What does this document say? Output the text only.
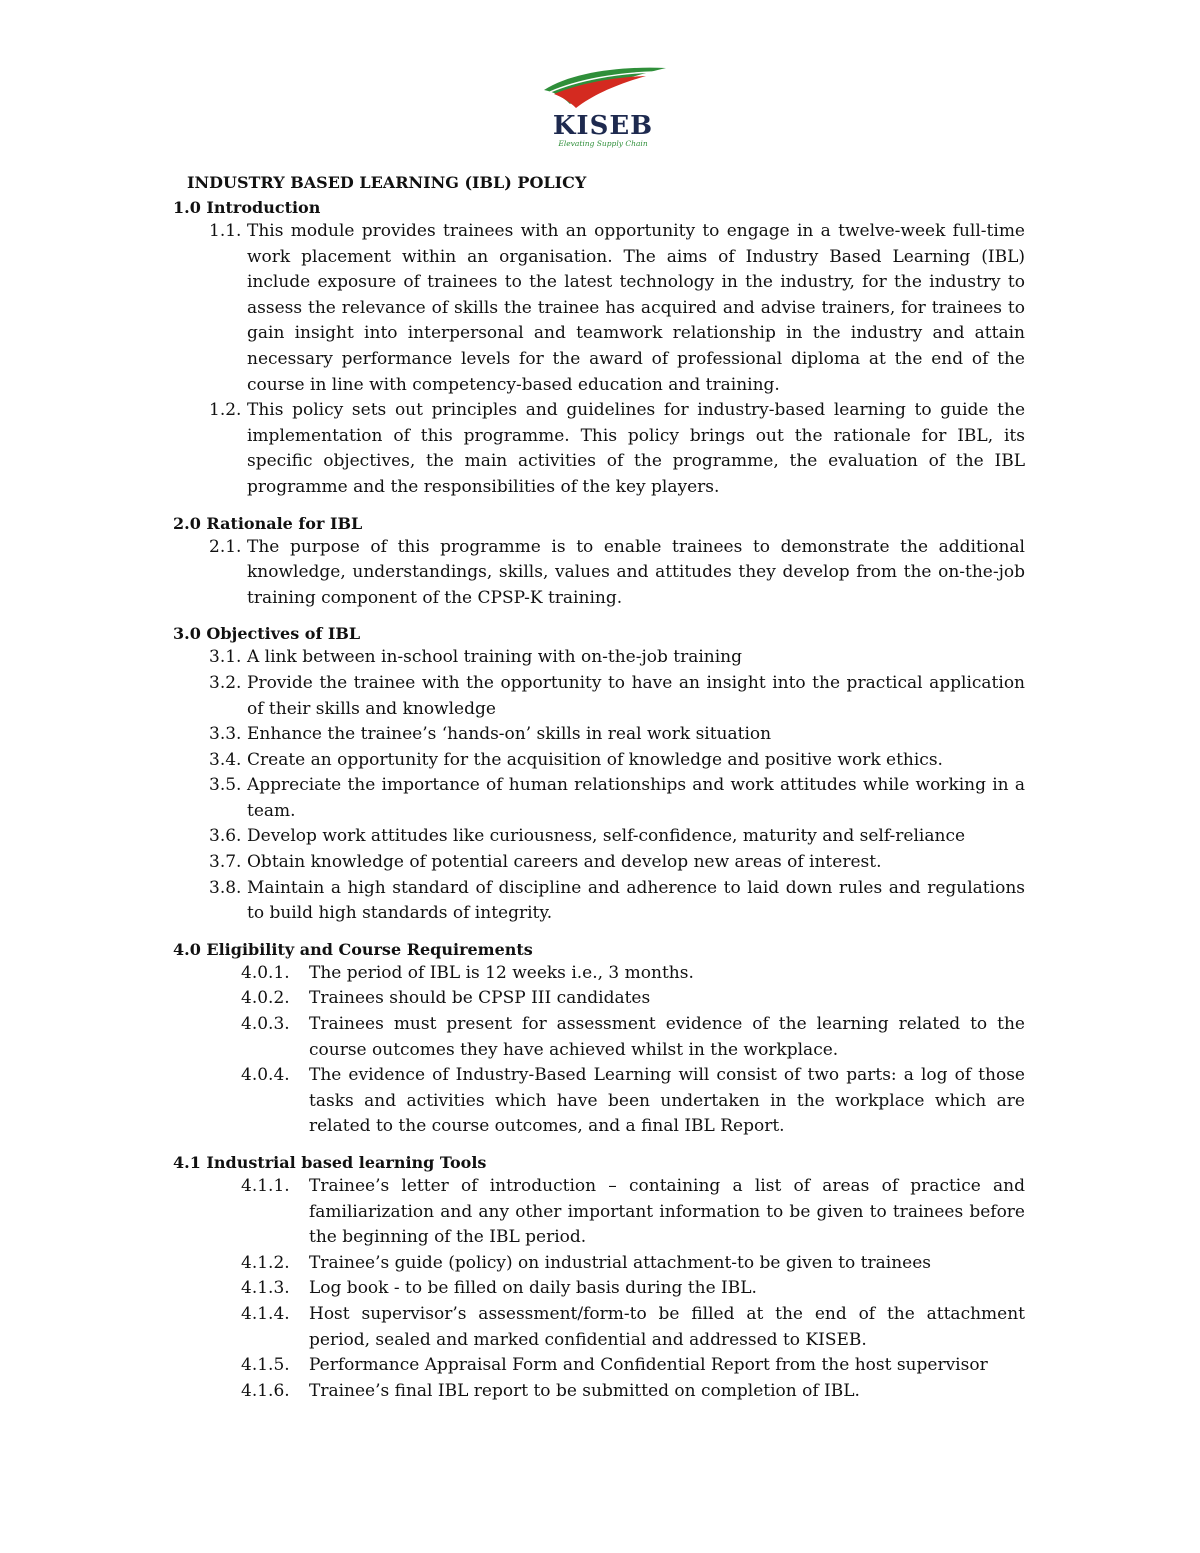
KISEB
Elevating Supply Chain
INDUSTRY BASED LEARNING (IBL) POLICY
1.0 Introduction
1.1. This module provides trainees with an opportunity to engage in a twelve-week full-time work placement within an organisation. The aims of Industry Based Learning (IBL) include exposure of trainees to the latest technology in the industry, for the industry to assess the relevance of skills the trainee has acquired and advise trainers, for trainees to gain insight into interpersonal and teamwork relationship in the industry and attain necessary performance levels for the award of professional diploma at the end of the course in line with competency-based education and training.
1.2. This policy sets out principles and guidelines for industry-based learning to guide the implementation of this programme. This policy brings out the rationale for IBL, its specific objectives, the main activities of the programme, the evaluation of the IBL programme and the responsibilities of the key players.
2.0 Rationale for IBL
2.1. The purpose of this programme is to enable trainees to demonstrate the additional knowledge, understandings, skills, values and attitudes they develop from the on-the-job training component of the CPSP-K training.
3.0 Objectives of IBL
3.1. A link between in-school training with on-the-job training
3.2. Provide the trainee with the opportunity to have an insight into the practical application of their skills and knowledge
3.3. Enhance the trainee’s ‘hands-on’ skills in real work situation
3.4. Create an opportunity for the acquisition of knowledge and positive work ethics.
3.5. Appreciate the importance of human relationships and work attitudes while working in a team.
3.6. Develop work attitudes like curiousness, self-confidence, maturity and self-reliance
3.7. Obtain knowledge of potential careers and develop new areas of interest.
3.8. Maintain a high standard of discipline and adherence to laid down rules and regulations to build high standards of integrity.
4.0 Eligibility and Course Requirements
4.0.1.	The period of IBL is 12 weeks i.e., 3 months.
4.0.2.	Trainees should be CPSP III candidates
4.0.3.	Trainees must present for assessment evidence of the learning related to the course outcomes they have achieved whilst in the workplace.
4.0.4.	The evidence of Industry-Based Learning will consist of two parts: a log of those tasks and activities which have been undertaken in the workplace which are related to the course outcomes, and a final IBL Report.
4.1 Industrial based learning Tools
4.1.1.	Trainee’s letter of introduction – containing a list of areas of practice and familiarization and any other important information to be given to trainees before the beginning of the IBL period.
4.1.2.	Trainee’s guide (policy) on industrial attachment-to be given to trainees
4.1.3.	Log book - to be filled on daily basis during the IBL.
4.1.4.	Host supervisor’s assessment/form-to be filled at the end of the attachment period, sealed and marked confidential and addressed to KISEB.
4.1.5.	Performance Appraisal Form and Confidential Report from the host supervisor
4.1.6.	Trainee’s final IBL report to be submitted on completion of IBL.
